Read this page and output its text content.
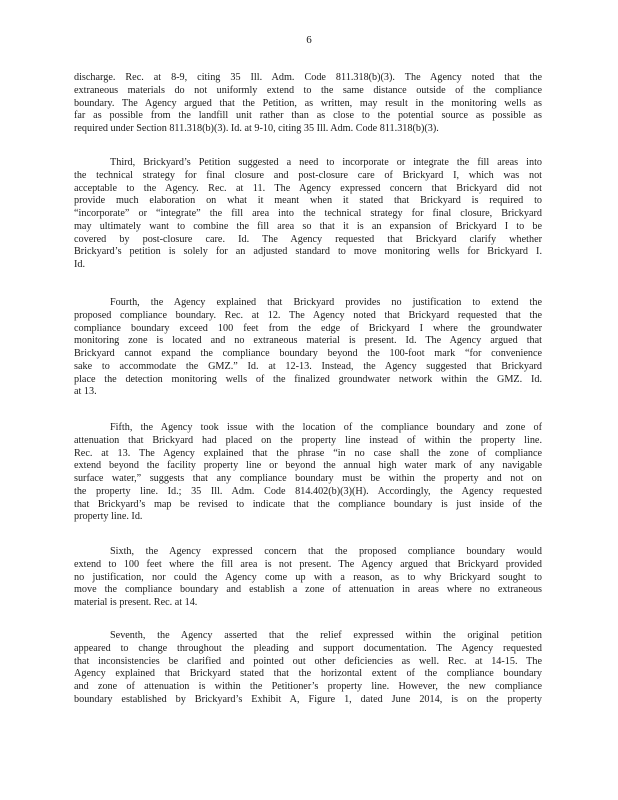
6
discharge. Rec. at 8-9, citing 35 Ill. Adm. Code 811.318(b)(3). The Agency noted that the
extraneous materials do not uniformly extend to the same distance outside of the compliance
boundary. The Agency argued that the Petition, as written, may result in the monitoring wells as
far as possible from the landfill unit rather than as close to the potential source as possible as
required under Section 811.318(b)(3). Id. at 9-10, citing 35 Ill. Adm. Code 811.318(b)(3).
Third, Brickyard’s Petition suggested a need to incorporate or integrate the fill areas into
the technical strategy for final closure and post-closure care of Brickyard I, which was not
acceptable to the Agency. Rec. at 11. The Agency expressed concern that Brickyard did not
provide much elaboration on what it meant when it stated that Brickyard is required to
“incorporate” or “integrate” the fill area into the technical strategy for final closure, Brickyard
may ultimately want to combine the fill area so that it is an expansion of Brickyard I to be
covered by post-closure care. Id. The Agency requested that Brickyard clarify whether
Brickyard’s petition is solely for an adjusted standard to move monitoring wells for Brickyard I.
Id.
Fourth, the Agency explained that Brickyard provides no justification to extend the
proposed compliance boundary. Rec. at 12. The Agency noted that Brickyard requested that the
compliance boundary exceed 100 feet from the edge of Brickyard I where the groundwater
monitoring zone is located and no extraneous material is present. Id. The Agency argued that
Brickyard cannot expand the compliance boundary beyond the 100-foot mark “for convenience
sake to accommodate the GMZ.” Id. at 12-13. Instead, the Agency suggested that Brickyard
place the detection monitoring wells of the finalized groundwater network within the GMZ. Id.
at 13.
Fifth, the Agency took issue with the location of the compliance boundary and zone of
attenuation that Brickyard had placed on the property line instead of within the property line.
Rec. at 13. The Agency explained that the phrase “in no case shall the zone of compliance
extend beyond the facility property line or beyond the annual high water mark of any navigable
surface water,” suggests that any compliance boundary must be within the property and not on
the property line. Id.; 35 Ill. Adm. Code 814.402(b)(3)(H). Accordingly, the Agency requested
that Brickyard’s map be revised to indicate that the compliance boundary is just inside of the
property line. Id.
Sixth, the Agency expressed concern that the proposed compliance boundary would
extend to 100 feet where the fill area is not present. The Agency argued that Brickyard provided
no justification, nor could the Agency come up with a reason, as to why Brickyard sought to
move the compliance boundary and establish a zone of attenuation in areas where no extraneous
material is present. Rec. at 14.
Seventh, the Agency asserted that the relief expressed within the original petition
appeared to change throughout the pleading and support documentation. The Agency requested
that inconsistencies be clarified and pointed out other deficiencies as well. Rec. at 14-15. The
Agency explained that Brickyard stated that the horizontal extent of the compliance boundary
and zone of attenuation is within the Petitioner’s property line. However, the new compliance
boundary established by Brickyard’s Exhibit A, Figure 1, dated June 2014, is on the property
